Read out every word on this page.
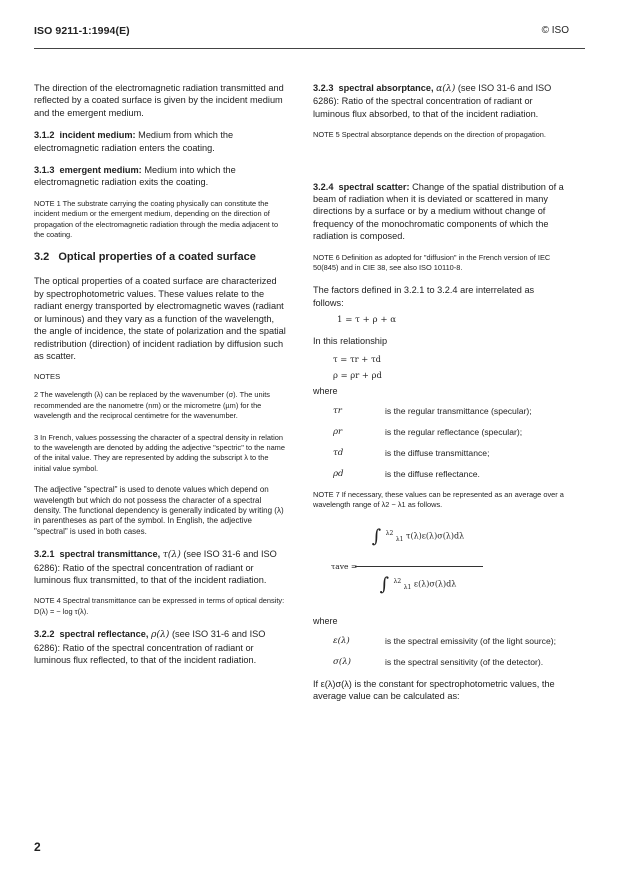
ISO 9211-1:1994(E)	© ISO

The direction of the electromagnetic radiation transmitted and reflected by a coated surface is given by the incident medium and the emergent medium.

3.1.2 incident medium: Medium from which the electromagnetic radiation enters the coating.

3.1.3 emergent medium: Medium into which the electromagnetic radiation exits the coating.

NOTE 1 The substrate carrying the coating physically can constitute the incident medium or the emergent medium, depending on the direction of propagation of the electromagnetic radiation through the media adjacent to the coating.

3.2 Optical properties of a coated surface

The optical properties of a coated surface are characterized by spectrophotometric values. These values relate to the radiant energy transported by electromagnetic waves (radiant or luminous) and they vary as a function of the wavelength, the angle of incidence, the state of polarization and the spatial redistribution (direction) of incident radiation by diffusion such as scatter.

NOTES

2 The wavelength (λ) can be replaced by the wavenumber (σ). The units recommended are the nanometre (nm) or the micrometre (µm) for the wavelength and the reciprocal centimetre for the wavenumber.

3 In French, values possessing the character of a spectral density in relation to the wavelength are denoted by adding the adjective "spectric" to the name of the inital value. They are represented by adding the subscript λ to the initial value symbol.

The adjective "spectral" is used to denote values which depend on wavelength but which do not possess the character of a spectral density. The functional dependency is generally indicated by writing (λ) in parentheses as part of the symbol. In English, the adjective "spectral" is used in both cases.

3.2.1 spectral transmittance, τ(λ) (see ISO 31-6 and ISO 6286): Ratio of the spectral concentration of radiant or luminous flux transmitted, to that of the incident radiation.

NOTE 4 Spectral transmittance can be expressed in terms of optical density: D(λ) = − log τ(λ).

3.2.2 spectral reflectance, ρ(λ) (see ISO 31-6 and ISO 6286): Ratio of the spectral concentration of radiant or luminous flux reflected, to that of the incident radiation.

3.2.3 spectral absorptance, α(λ) (see ISO 31-6 and ISO 6286): Ratio of the spectral concentration of radiant or luminous flux absorbed, to that of the incident radiation.

NOTE 5 Spectral absorptance depends on the direction of propagation.

3.2.4 spectral scatter: Change of the spatial distribution of a beam of radiation when it is deviated or scattered in many directions by a surface or by a medium without change of frequency of the monochromatic components of which the radiation is composed.

NOTE 6 Definition as adopted for "diffusion" in the French version of IEC 50(845) and in CIE 38, see also ISO 10110-8.

The factors defined in 3.2.1 to 3.2.4 are interrelated as follows:

1 = τ + ρ + α

In this relationship

τ = τr + τd
ρ = ρr + ρd

where

τr	is the regular transmittance (specular);
ρr	is the regular reflectance (specular);
τd	is the diffuse transmittance;
ρd	is the diffuse reflectance.

NOTE 7 If necessary, these values can be represented as an average over a wavelength range of λ2 − λ1 as follows.

τave =
∫ $^{\lambda 2}$ $_{\lambda 1}$ τ(λ)ε(λ)σ(λ)dλ
∫ $^{\lambda 2}$ $_{\lambda 1}$ ε(λ)σ(λ)dλ

where

ε(λ)	is the spectral emissivity (of the light source);
σ(λ)	is the spectral sensitivity (of the detector).

If ε(λ)σ(λ) is the constant for spectrophotometric values, the average value can be calculated as:

2
